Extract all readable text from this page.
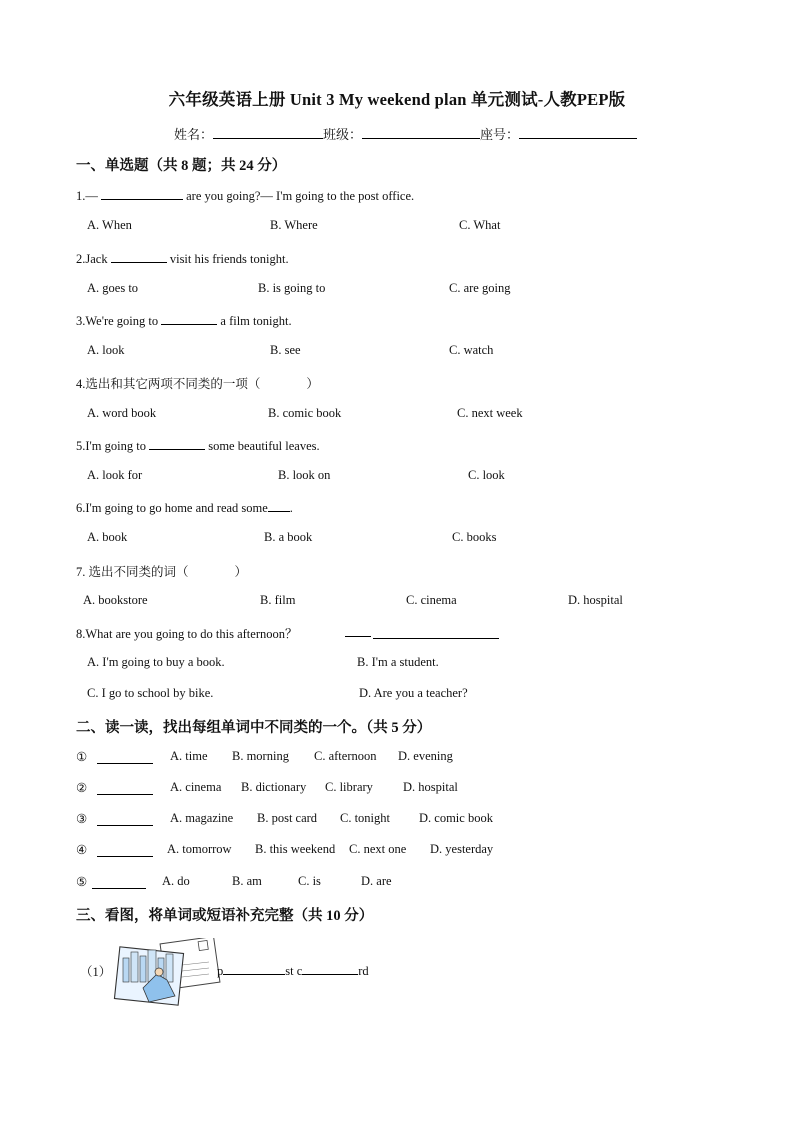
六年级英语上册 Unit 3 My weekend plan 单元测试-人教PEP版
姓名：	班级：	座号：
一、单选题（共 8 题；共 24 分）
1.—	are you going?— I'm going to the post office.
A. When	B. Where	C. What
2.Jack	visit his friends tonight.
A. goes to	B. is going to	C. are going
3.We're going to	a film tonight.
A. look	B. see	C. watch
4.选出和其它两项不同类的一项（	）
A. word book	B. comic book	C. next week
5.I'm going to	some beautiful leaves.
A. look for	B. look on	C. look
6.I'm going to go home and read some .
A. book	B. a book	C. books
7. 选出不同类的词（	）
A. bookstore	B. film	C. cinema	D. hospital
8.What are you going to do this afternoon？
A. I'm going to buy a book.	B. I'm a student.
C. I go to school by bike.	D. Are you a teacher?
二、读一读，找出每组单词中不同类的一个。（共 5 分）
①	A. time B. morning C. afternoon D. evening
②	A. cinema B. dictionary C. library D. hospital
③	A. magazine B. post card C. tonight D. comic book
④	A. tomorrow B. this weekend C. next one D. yesterday
⑤	A. do	B. am	C. is	D. are
三、看图，将单词或短语补充完整（共 10 分）
（1）	p	st c	rd
